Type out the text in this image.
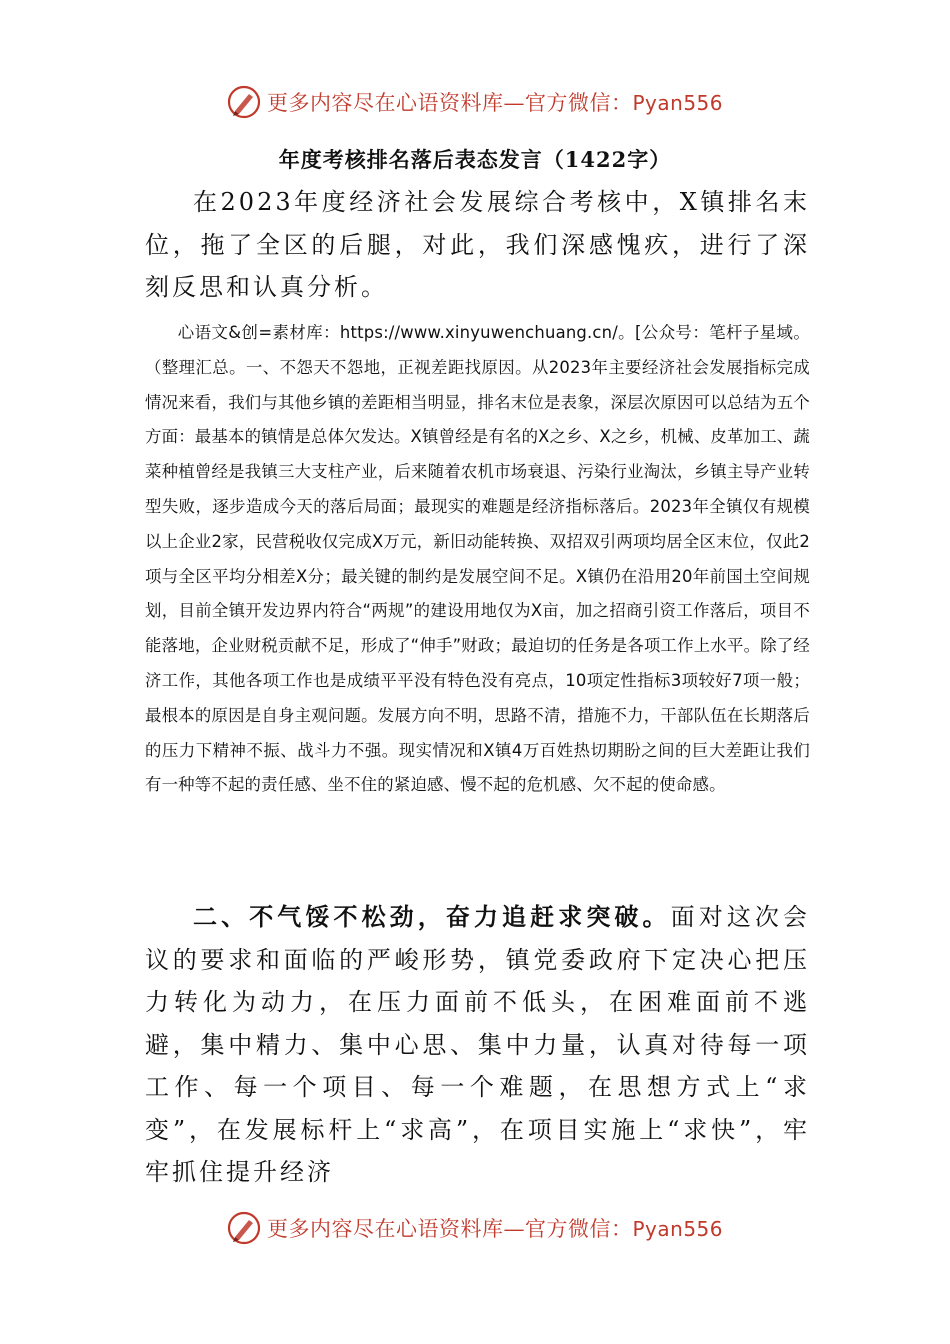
更多内容尽在心语资料库—官方微信：Pyan556
年度考核排名落后表态发言（1422字）

在2023年度经济社会发展综合考核中，X镇排名末位，拖了全区的后腿，对此，我们深感愧疚，进行了深刻反思和认真分析。

心语文&创=素材库：https://www.xinyuwenchuang.cn/。[公众号：笔杆子星域。（整理汇总。一、不怨天不怨地，正视差距找原因。从2023年主要经济社会发展指标完成情况来看，我们与其他乡镇的差距相当明显，排名末位是表象，深层次原因可以总结为五个方面：最基本的镇情是总体欠发达。X镇曾经是有名的X之乡、X之乡，机械、皮革加工、蔬菜种植曾经是我镇三大支柱产业，后来随着农机市场衰退、污染行业淘汰，乡镇主导产业转型失败，逐步造成今天的落后局面；最现实的难题是经济指标落后。2023年全镇仅有规模以上企业2家，民营税收仅完成X万元，新旧动能转换、双招双引两项均居全区末位，仅此2项与全区平均分相差X分；最关键的制约是发展空间不足。X镇仍在沿用20年前国土空间规划，目前全镇开发边界内符合“两规”的建设用地仅为X亩，加之招商引资工作落后，项目不能落地，企业财税贡献不足，形成了“伸手”财政；最迫切的任务是各项工作上水平。除了经济工作，其他各项工作也是成绩平平没有特色没有亮点，10项定性指标3项较好7项一般；最根本的原因是自身主观问题。发展方向不明，思路不清，措施不力，干部队伍在长期落后的压力下精神不振、战斗力不强。现实情况和X镇4万百姓热切期盼之间的巨大差距让我们有一种等不起的责任感、坐不住的紧迫感、慢不起的危机感、欠不起的使命感。

二、不气馁不松劲，奋力追赶求突破。面对这次会议的要求和面临的严峻形势，镇党委政府下定决心把压力转化为动力，在压力面前不低头，在困难面前不逃避，集中精力、集中心思、集中力量，认真对待每一项工作、每一个项目、每一个难题，在思想方式上“求变”，在发展标杆上“求高”，在项目实施上“求快”，牢牢抓住提升经济

更多内容尽在心语资料库—官方微信：Pyan556
